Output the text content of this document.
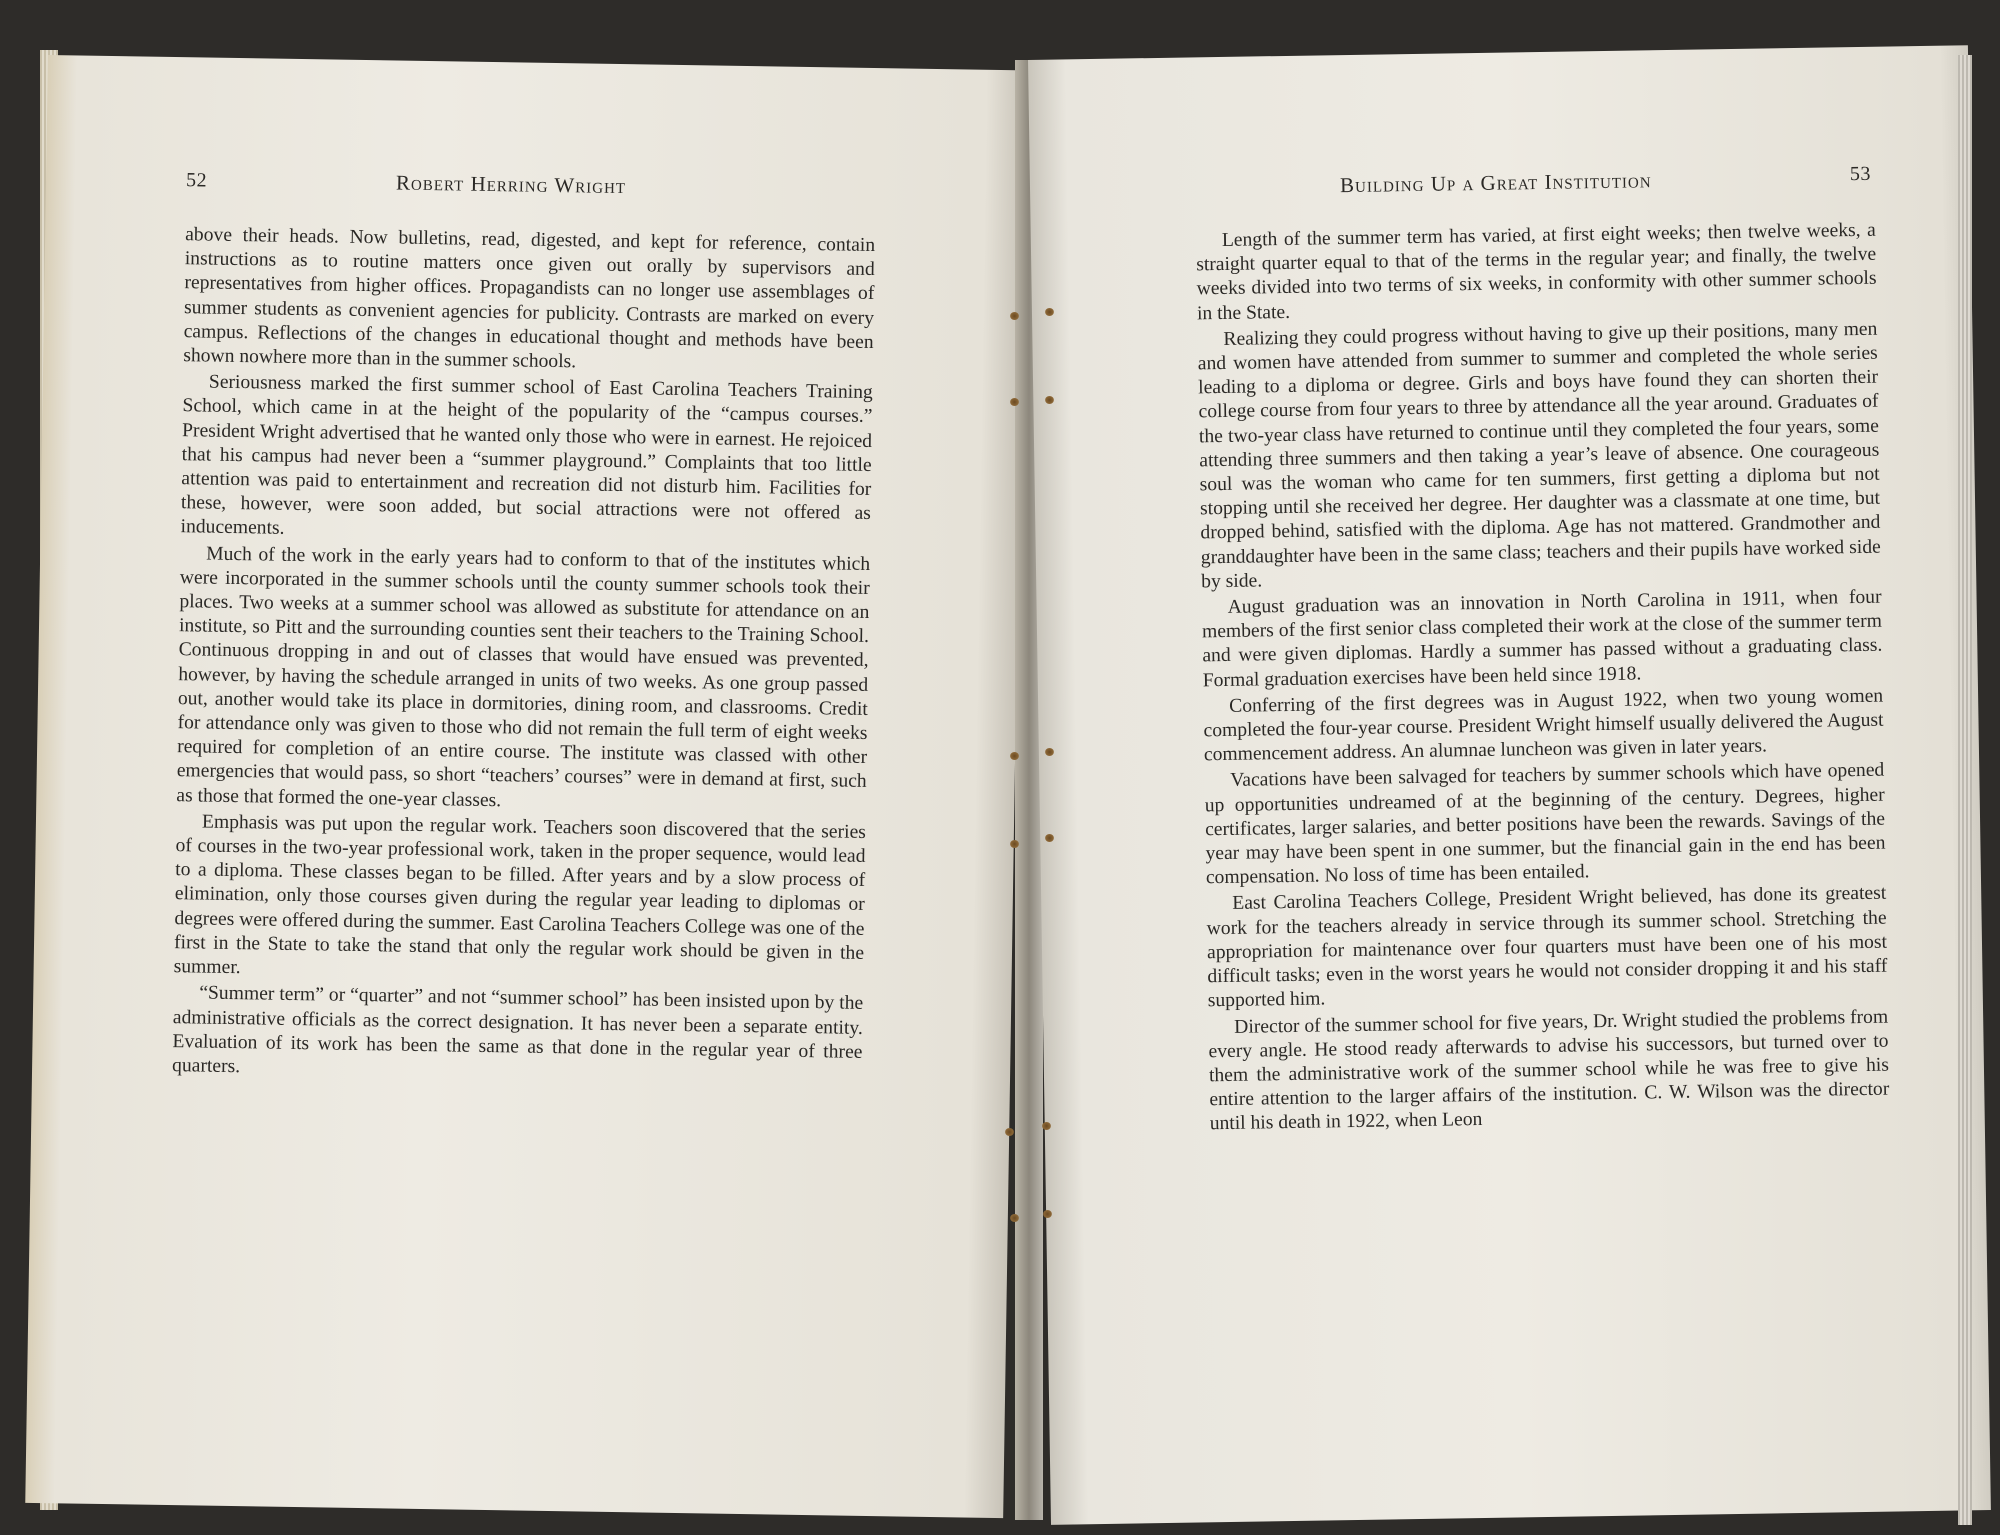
52	Robert Herring Wright

above their heads. Now bulletins, read, digested, and kept for reference, contain instructions as to routine matters once given out orally by supervisors and representatives from higher offices. Propagandists can no longer use assemblages of summer students as convenient agencies for publicity. Contrasts are marked on every campus. Reflections of the changes in educational thought and methods have been shown nowhere more than in the summer schools.

Seriousness marked the first summer school of East Carolina Teachers Training School, which came in at the height of the popularity of the “campus courses.” President Wright advertised that he wanted only those who were in earnest. He rejoiced that his campus had never been a “summer playground.” Complaints that too little attention was paid to entertainment and recreation did not disturb him. Facilities for these, however, were soon added, but social attractions were not offered as inducements.

Much of the work in the early years had to conform to that of the institutes which were incorporated in the summer schools until the county summer schools took their places. Two weeks at a summer school was allowed as substitute for attendance on an institute, so Pitt and the surrounding counties sent their teachers to the Training School. Continuous dropping in and out of classes that would have ensued was prevented, however, by having the schedule arranged in units of two weeks. As one group passed out, another would take its place in dormitories, dining room, and classrooms. Credit for attendance only was given to those who did not remain the full term of eight weeks required for completion of an entire course. The institute was classed with other emergencies that would pass, so short “teachers’ courses” were in demand at first, such as those that formed the one-year classes.

Emphasis was put upon the regular work. Teachers soon discovered that the series of courses in the two-year professional work, taken in the proper sequence, would lead to a diploma. These classes began to be filled. After years and by a slow process of elimination, only those courses given during the regular year leading to diplomas or degrees were offered during the summer. East Carolina Teachers College was one of the first in the State to take the stand that only the regular work should be given in the summer.

“Summer term” or “quarter” and not “summer school” has been insisted upon by the administrative officials as the correct designation. It has never been a separate entity. Evaluation of its work has been the same as that done in the regular year of three quarters.

Building Up a Great Institution	53

Length of the summer term has varied, at first eight weeks; then twelve weeks, a straight quarter equal to that of the terms in the regular year; and finally, the twelve weeks divided into two terms of six weeks, in conformity with other summer schools in the State.

Realizing they could progress without having to give up their positions, many men and women have attended from summer to summer and completed the whole series leading to a diploma or degree. Girls and boys have found they can shorten their college course from four years to three by attendance all the year around. Graduates of the two-year class have returned to continue until they completed the four years, some attending three summers and then taking a year’s leave of absence. One courageous soul was the woman who came for ten summers, first getting a diploma but not stopping until she received her degree. Her daughter was a classmate at one time, but dropped behind, satisfied with the diploma. Age has not mattered. Grandmother and granddaughter have been in the same class; teachers and their pupils have worked side by side.

August graduation was an innovation in North Carolina in 1911, when four members of the first senior class completed their work at the close of the summer term and were given diplomas. Hardly a summer has passed without a graduating class. Formal graduation exercises have been held since 1918.

Conferring of the first degrees was in August 1922, when two young women completed the four-year course. President Wright himself usually delivered the August commencement address. An alumnae luncheon was given in later years.

Vacations have been salvaged for teachers by summer schools which have opened up opportunities undreamed of at the beginning of the century. Degrees, higher certificates, larger salaries, and better positions have been the rewards. Savings of the year may have been spent in one summer, but the financial gain in the end has been compensation. No loss of time has been entailed.

East Carolina Teachers College, President Wright believed, has done its greatest work for the teachers already in service through its summer school. Stretching the appropriation for maintenance over four quarters must have been one of his most difficult tasks; even in the worst years he would not consider dropping it and his staff supported him.

Director of the summer school for five years, Dr. Wright studied the problems from every angle. He stood ready afterwards to advise his successors, but turned over to them the administrative work of the summer school while he was free to give his entire attention to the larger affairs of the institution. C. W. Wilson was the director until his death in 1922, when Leon
